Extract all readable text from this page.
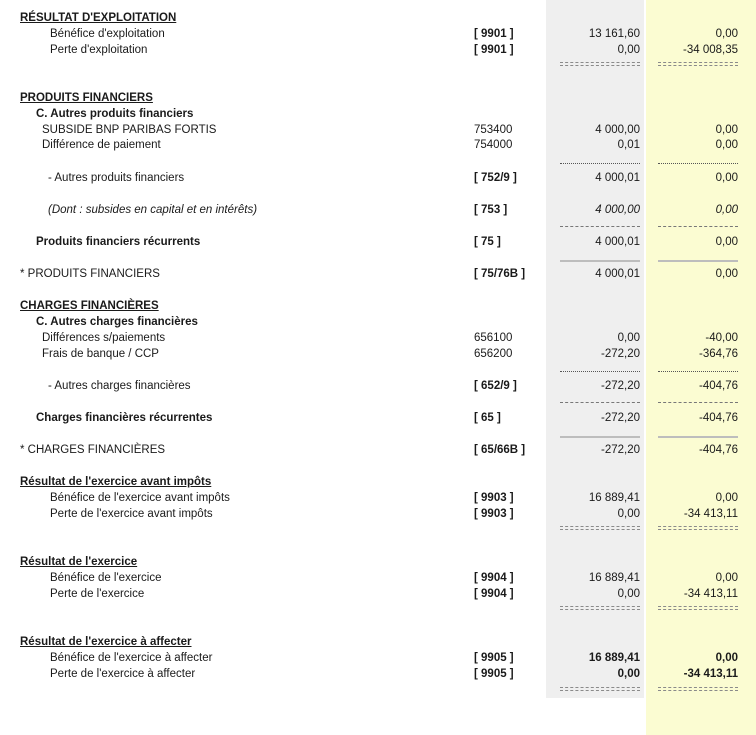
RÉSULTAT D'EXPLOITATION
Bénéfice d'exploitation	[ 9901 ]	13 161,60	0,00
Perte d'exploitation	[ 9901 ]	0,00	-34 008,35
PRODUITS FINANCIERS
C. Autres produits financiers
SUBSIDE BNP PARIBAS FORTIS	753400	4 000,00	0,00
Différence de paiement	754000	0,01	0,00
- Autres produits financiers	[ 752/9 ]	4 000,01	0,00
(Dont : subsides en capital et en intérêts)	[ 753 ]	4 000,00	0,00
Produits financiers récurrents	[ 75 ]	4 000,01	0,00
* PRODUITS FINANCIERS	[ 75/76B ]	4 000,01	0,00
CHARGES FINANCIÈRES
C. Autres charges financières
Différences s/paiements	656100	0,00	-40,00
Frais de banque / CCP	656200	-272,20	-364,76
- Autres charges financières	[ 652/9 ]	-272,20	-404,76
Charges financières récurrentes	[ 65 ]	-272,20	-404,76
* CHARGES FINANCIÈRES	[ 65/66B ]	-272,20	-404,76
Résultat de l'exercice avant impôts
Bénéfice de l'exercice avant impôts	[ 9903 ]	16 889,41	0,00
Perte de l'exercice avant impôts	[ 9903 ]	0,00	-34 413,11
Résultat de l'exercice
Bénéfice de l'exercice	[ 9904 ]	16 889,41	0,00
Perte de l'exercice	[ 9904 ]	0,00	-34 413,11
Résultat de l'exercice à affecter
Bénéfice de l'exercice à affecter	[ 9905 ]	16 889,41	0,00
Perte de l'exercice à affecter	[ 9905 ]	0,00	-34 413,11
